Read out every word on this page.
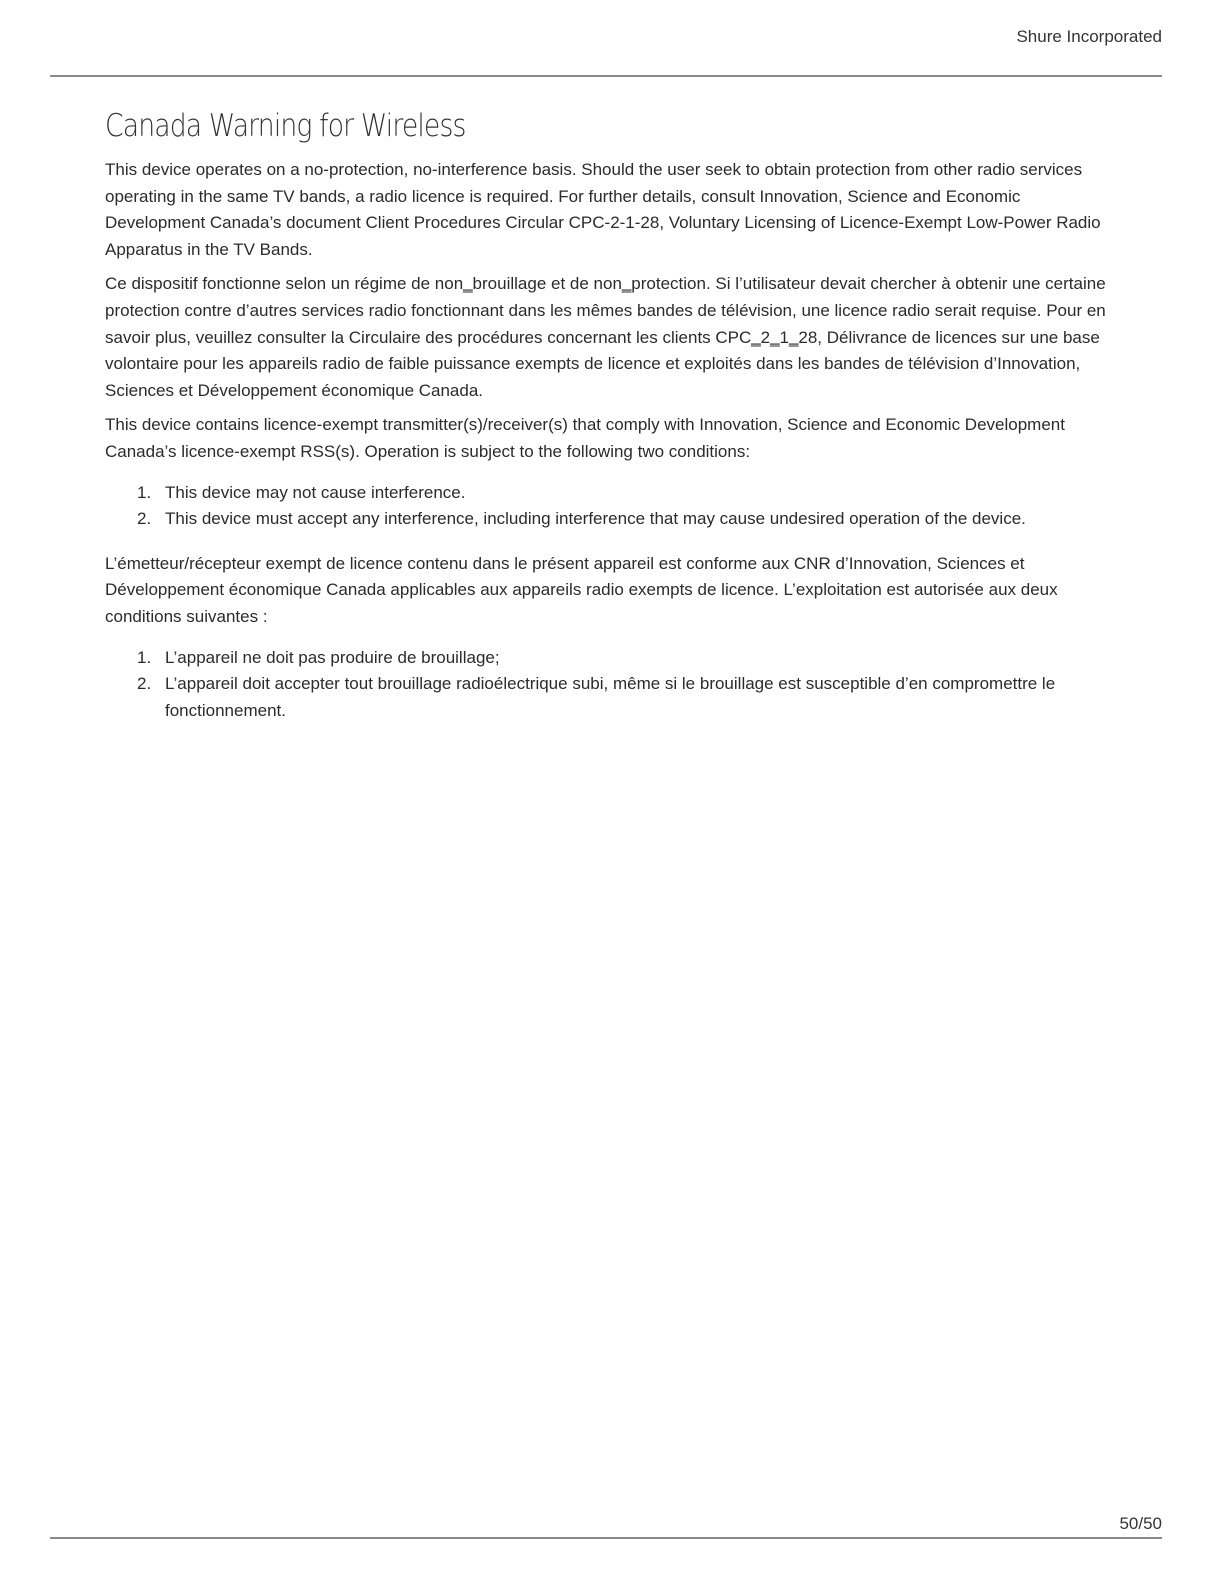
Shure Incorporated
Canada Warning for Wireless

This device operates on a no-protection, no-interference basis. Should the user seek to obtain protection from other radio services operating in the same TV bands, a radio licence is required. For further details, consult Innovation, Science and Economic Development Canada’s document Client Procedures Circular CPC-2-1-28, Voluntary Licensing of Licence-Exempt Low-Power Radio Apparatus in the TV Bands.

Ce dispositif fonctionne selon un régime de non‗brouillage et de non‗protection. Si l’utilisateur devait chercher à obtenir une certaine protection contre d’autres services radio fonctionnant dans les mêmes bandes de télévision, une licence radio serait requise. Pour en savoir plus, veuillez consulter la Circulaire des procédures concernant les clients CPC‗2‗1‗28, Délivrance de licences sur une base volontaire pour les appareils radio de faible puissance exempts de licence et exploités dans les bandes de télévision d’Innovation, Sciences et Développement économique Canada.

This device contains licence-exempt transmitter(s)/receiver(s) that comply with Innovation, Science and Economic Development Canada’s licence-exempt RSS(s). Operation is subject to the following two conditions:

1. This device may not cause interference.
2. This device must accept any interference, including interference that may cause undesired operation of the device.

L’émetteur/récepteur exempt de licence contenu dans le présent appareil est conforme aux CNR d’Innovation, Sciences et Développement économique Canada applicables aux appareils radio exempts de licence. L’exploitation est autorisée aux deux conditions suivantes :

1. L’appareil ne doit pas produire de brouillage;
2. L’appareil doit accepter tout brouillage radioélectrique subi, même si le brouillage est susceptible d’en compromettre le fonctionnement.
50/50
